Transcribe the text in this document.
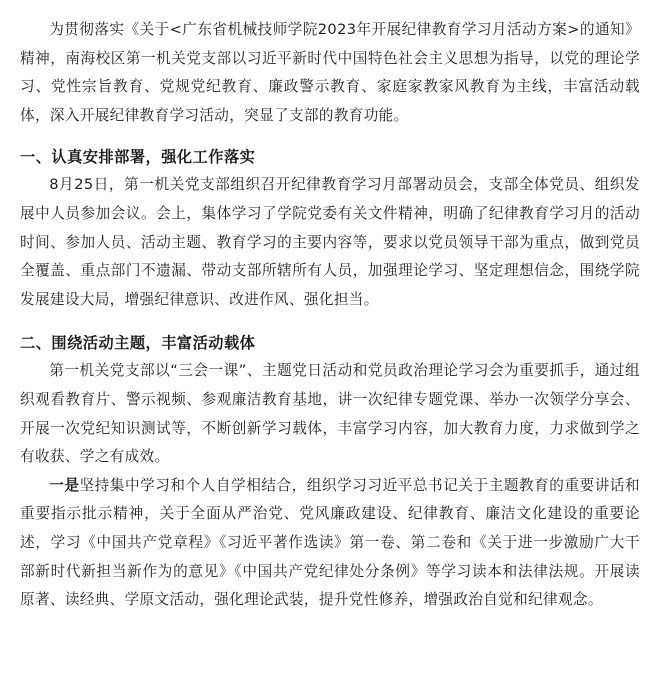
为贯彻落实《关于<广东省机械技师学院2023年开展纪律教育学习月活动方案>的通知》精神，南海校区第一机关党支部以习近平新时代中国特色社会主义思想为指导，以党的理论学习、党性宗旨教育、党规党纪教育、廉政警示教育、家庭家教家风教育为主线，丰富活动载体，深入开展纪律教育学习活动，突显了支部的教育功能。

一、认真安排部署，强化工作落实

8月25日，第一机关党支部组织召开纪律教育学习月部署动员会，支部全体党员、组织发展中人员参加会议。会上，集体学习了学院党委有关文件精神，明确了纪律教育学习月的活动时间、参加人员、活动主题、教育学习的主要内容等，要求以党员领导干部为重点，做到党员全覆盖、重点部门不遗漏、带动支部所辖所有人员，加强理论学习、坚定理想信念，围绕学院发展建设大局，增强纪律意识、改进作风、强化担当。

二、围绕活动主题，丰富活动载体

第一机关党支部以“三会一课”、主题党日活动和党员政治理论学习会为重要抓手，通过组织观看教育片、警示视频、参观廉洁教育基地，讲一次纪律专题党课、举办一次领学分享会、开展一次党纪知识测试等，不断创新学习载体，丰富学习内容，加大教育力度，力求做到学之有收获、学之有成效。

一是坚持集中学习和个人自学相结合，组织学习习近平总书记关于主题教育的重要讲话和重要指示批示精神，关于全面从严治党、党风廉政建设、纪律教育、廉洁文化建设的重要论述，学习《中国共产党章程》《习近平著作选读》第一卷、第二卷和《关于进一步激励广大干部新时代新担当新作为的意见》《中国共产党纪律处分条例》等学习读本和法律法规。开展读原著、读经典、学原文活动，强化理论武装，提升党性修养，增强政治自觉和纪律观念。
